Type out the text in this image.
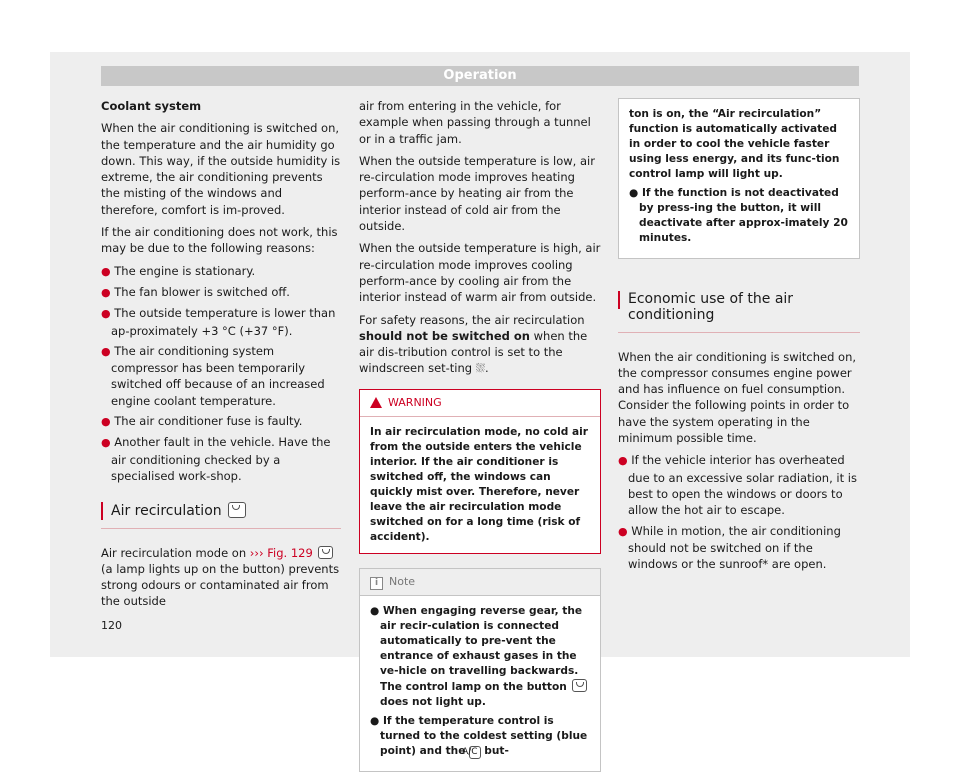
Operation

Coolant system

When the air conditioning is switched on, the temperature and the air humidity go down. This way, if the outside humidity is extreme, the air conditioning prevents the misting of the windows and therefore, comfort is im-proved.

If the air conditioning does not work, this may be due to the following reasons:

● The engine is stationary.
● The fan blower is switched off.
● The outside temperature is lower than ap-proximately +3 °C (+37 °F).
● The air conditioning system compressor has been temporarily switched off because of an increased engine coolant temperature.
● The air conditioner fuse is faulty.
● Another fault in the vehicle. Have the air conditioning checked by a specialised work-shop.
Air recirculation

Air recirculation mode on ››› Fig. 129  (a lamp lights up on the button) prevents strong odours or contaminated air from the outside

air from entering in the vehicle, for example when passing through a tunnel or in a traffic jam.

When the outside temperature is low, air re-circulation mode improves heating perform-ance by heating air from the interior instead of cold air from the outside.

When the outside temperature is high, air re-circulation mode improves cooling perform-ance by cooling air from the interior instead of warm air from outside.

For safety reasons, the air recirculation should not be switched on when the air dis-tribution control is set to the windscreen set-ting ⛆.

WARNING
In air recirculation mode, no cold air from the outside enters the vehicle interior. If the air conditioner is switched off, the windows can quickly mist over. Therefore, never leave the air recirculation mode switched on for a long time (risk of accident).
i Note
● When engaging reverse gear, the air recir-culation is connected automatically to pre-vent the entrance of exhaust gases in the ve-hicle on travelling backwards. The control lamp on the button  does not light up.
● If the temperature control is turned to the coldest setting (blue point) and the A/C but-
ton is on, the “Air recirculation” function is automatically activated in order to cool the vehicle faster using less energy, and its func-tion control lamp will light up.
● If the function is not deactivated by press-ing the button, it will deactivate after approx-imately 20 minutes.
Economic use of the air conditioning

When the air conditioning is switched on, the compressor consumes engine power and has influence on fuel consumption. Consider the following points in order to have the system operating in the minimum possible time.

● If the vehicle interior has overheated due to an excessive solar radiation, it is best to open the windows or doors to allow the hot air to escape.
● While in motion, the air conditioning should not be switched on if the windows or the sunroof* are open.
120
